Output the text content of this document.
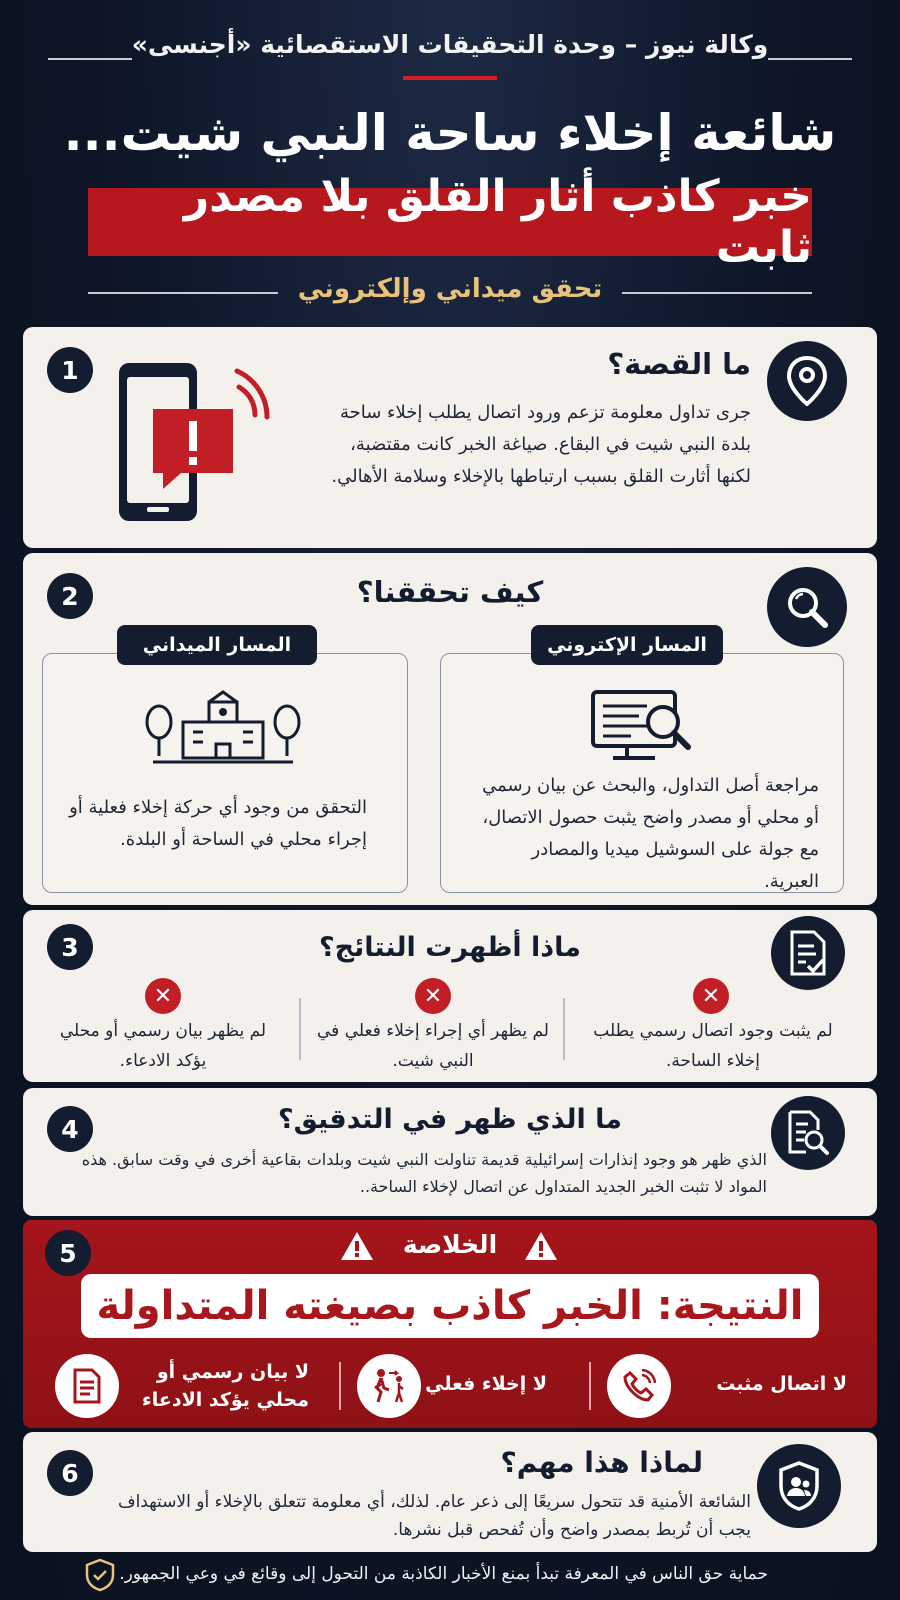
وكالة نيوز – وحدة التحقيقات الاستقصائية «أجنسى»
شائعة إخلاء ساحة النبي شيت...
خبر كاذب أثار القلق بلا مصدر ثابت
تحقق ميداني وإلكتروني
1	ما القصة؟
جرى تداول معلومة تزعم ورود اتصال يطلب إخلاء ساحة بلدة النبي شيت في البقاع. صياغة الخبر كانت مقتضبة، لكنها أثارت القلق بسبب ارتباطها بالإخلاء وسلامة الأهالي.
2	كيف تحققنا؟
مراجعة أصل التداول، والبحث عن بيان رسمي أو محلي أو مصدر واضح يثبت حصول الاتصال، مع جولة على السوشيل ميديا والمصادر العبرية.
المسار الإكتروني
التحقق من وجود أي حركة إخلاء فعلية أو إجراء محلي في الساحة أو البلدة.
المسار الميداني
3	ماذا أظهرت النتائج؟
✕
لم يثبت وجود اتصال رسمي يطلب إخلاء الساحة.
✕
لم يظهر أي إجراء إخلاء فعلي في النبي شيت.
✕
لم يظهر بيان رسمي أو محلي يؤكد الادعاء.
4	ما الذي ظهر في التدقيق؟
الذي ظهر هو وجود إنذارات إسرائيلية قديمة تناولت النبي شيت وبلدات بقاعية أخرى في وقت سابق. هذه المواد لا تثبت الخبر الجديد المتداول عن اتصال لإخلاء الساحة..
5	الخلاصة
النتيجة: الخبر كاذب بصيغته المتداولة
لا اتصال مثبت
لا إخلاء فعلي
لا بيان رسمي أو محلي يؤكد الادعاء
6	لماذا هذا مهم؟
الشائعة الأمنية قد تتحول سريعًا إلى ذعر عام. لذلك، أي معلومة تتعلق بالإخلاء أو الاستهداف يجب أن تُربط بمصدر واضح وأن تُفحص قبل نشرها.
حماية حق الناس في المعرفة تبدأ بمنع الأخبار الكاذبة من التحول إلى وقائع في وعي الجمهور.
